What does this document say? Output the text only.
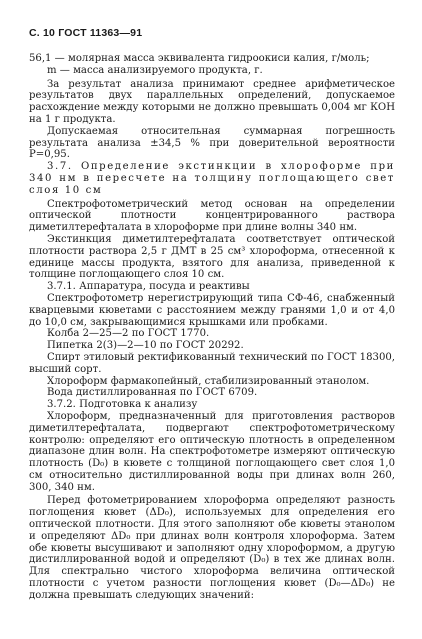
С. 10 ГОСТ 11363—91

56,1 — молярная масса эквивалента гидроокиси калия, г/моль;

m — масса анализируемого продукта, г.

За результат анализа принимают среднее арифметическое результатов двух параллельных определений, допускаемое расхождение между которыми не должно превышать 0,004 мг КОН на 1 г продукта.

Допускаемая относительная суммарная погрешность результата анализа ±34,5 % при доверительной вероятности P=0,95.

3.7. Определение экстинкции в хлороформе при 340 нм в пересчете на толщину поглощающего свет слоя 10 см

Спектрофотометрический метод основан на определении оптической плотности концентрированного раствора диметилтерефталата в хлороформе при длине волны 340 нм.

Экстинкция диметилтерефталата соответствует оптической плотности раствора 2,5 г ДМТ в 25 см³ хлороформа, отнесенной к единице массы продукта, взятого для анализа, приведенной к толщине поглощающего слоя 10 см.

3.7.1. Аппаратура, посуда и реактивы

Спектрофотометр нерегистрирующий типа СФ-46, снабженный кварцевыми кюветами с расстоянием между гранями 1,0 и от 4,0 до 10,0 см, закрывающимися крышками или пробками.

Колба 2—25—2 по ГОСТ 1770.

Пипетка 2(3)—2—10 по ГОСТ 20292.

Спирт этиловый ректификованный технический по ГОСТ 18300, высший сорт.

Хлороформ фармакопейный, стабилизированный этанолом.

Вода дистиллированная по ГОСТ 6709.

3.7.2. Подготовка к анализу

Хлороформ, предназначенный для приготовления растворов диметилтерефталата, подвергают спектрофотометрическому контролю: определяют его оптическую плотность в определенном диапазоне длин волн. На спектрофотометре измеряют оптическую плотность (D₀) в кювете с толщиной поглощающего свет слоя 1,0 см относительно дистиллированной воды при длинах волн 260, 300, 340 нм.

Перед фотометрированием хлороформа определяют разность поглощения кювет (ΔD₀), используемых для определения его оптической плотности. Для этого заполняют обе кюветы этанолом и определяют ΔD₀ при длинах волн контроля хлороформа. Затем обе кюветы высушивают и заполняют одну хлороформом, а другую дистиллированной водой и определяют (D₀) в тех же длинах волн. Для спектрально чистого хлороформа величина оптической плотности с учетом разности поглощения кювет (D₀—ΔD₀) не должна превышать следующих значений:
